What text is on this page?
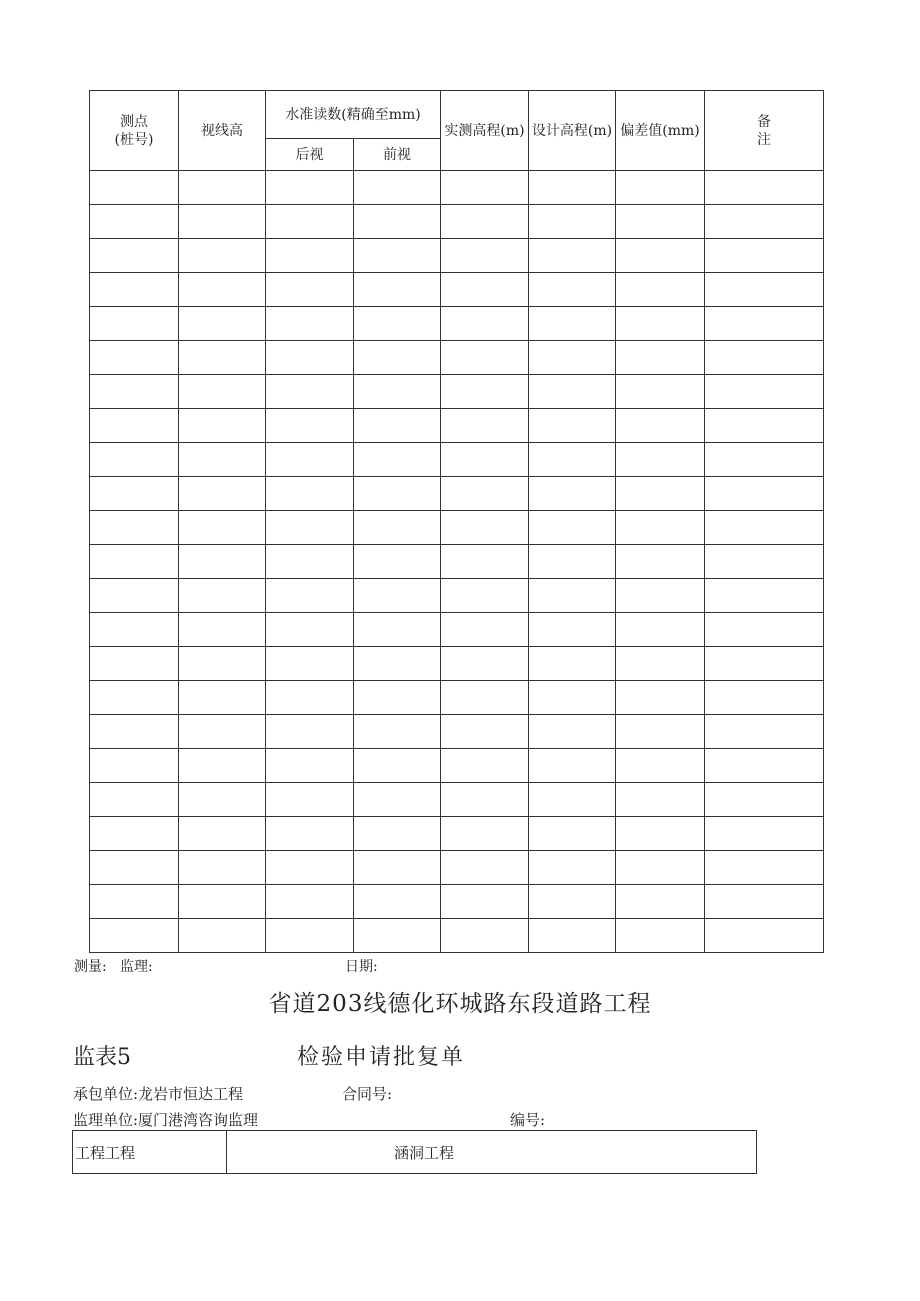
测点
(桩号)	视线高	水准读数(精确至mm)		实测高程(m)	设计高程(m)	偏差值(mm)	备注
		后视	前视				

测量: 监理:	日期:
省道203线德化环城路东段道路工程
监表5	检验申请批复单
承包单位:龙岩市恒达工程	合同号:
监理单位:厦门港湾咨询监理	编号:
工程工程	涵洞工程
